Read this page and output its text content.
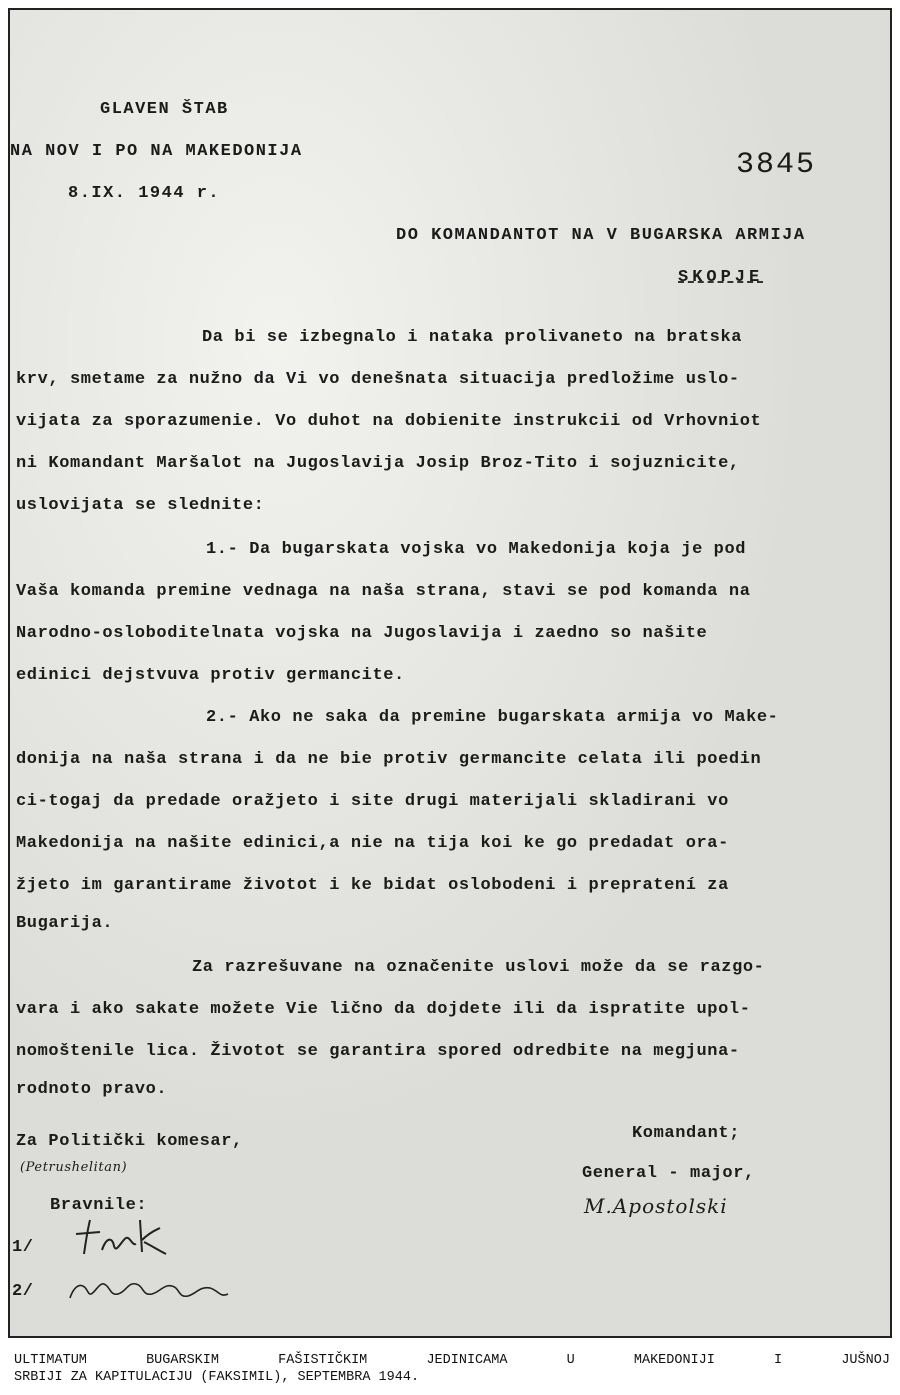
GLAVEN ŠTAB
NA NOV I PO NA MAKEDONIJA
8.IX. 1944 r.
3845
DO KOMANDANTOT NA V BUGARSKA ARMIJA
SKOPJE
Da bi se izbegnalo i nataka prolivaneto na bratska
krv, smetame za nužno da Vi vo denešnata situacija predložime uslo-
vijata za sporazumenie. Vo duhot na dobienite instrukcii od Vrhovniot
ni Komandant Maršalot na Jugoslavija Josip Broz-Tito i sojuznicite,
uslovijata se slednite:
1.- Da bugarskata vojska vo Makedonija koja je pod
Vaša komanda premine vednaga na naša strana, stavi se pod komanda na
Narodno-osloboditelnata vojska na Jugoslavija i zaedno so našite
edinici dejstvuva protiv germancite.
2.- Ako ne saka da premine bugarskata armija vo Make-
donija na naša strana i da ne bie protiv germancite celata ili poedin
ci-togaj da predade oražjeto i site drugi materijali skladirani vo
Makedonija na našite edinici,a nie na tija koi ke go predadat ora-
žjeto im garantirame životot i ke bidat oslobodeni i prepratení za
Bugarija.
Za razrešuvane na označenite uslovi može da se razgo-
vara i ako sakate možete Vie lično da dojdete ili da ispratite upol-
nomoštenile lica. Životot se garantira spored odredbite na megjuna-
rodnoto pravo.
Za Politički komesar,
(Petrushelitan)
Bravnile:
1/
2/
Komandant;
General - major,
M.Apostolski
ULTIMATUM	BUGARSKIM	FAŠISTIČKIM	JEDINICAMA	U	MAKEDONIJI	I	JUŠNOJ
SRBIJI ZA KAPITULACIJU (FAKSIMIL), SEPTEMBRA 1944.
